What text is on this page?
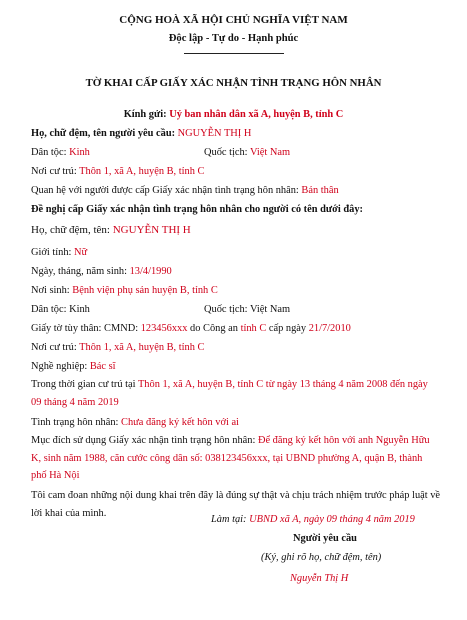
CỘNG HOÀ XÃ HỘI CHỦ NGHĨA VIỆT NAM
Độc lập - Tự do - Hạnh phúc
TỜ KHAI CẤP GIẤY XÁC NHẬN TÌNH TRẠNG HÔN NHÂN
Kính gửi: Uỷ ban nhân dân xã A, huyện B, tỉnh C
Họ, chữ đệm, tên người yêu cầu: NGUYỄN THỊ H
Dân tộc: Kinh	Quốc tịch: Việt Nam
Nơi cư trú: Thôn 1, xã A, huyện B, tỉnh C
Quan hệ với người được cấp Giấy xác nhận tình trạng hôn nhân: Bản thân
Đề nghị cấp Giấy xác nhận tình trạng hôn nhân cho người có tên dưới đây:
Họ, chữ đệm, tên: NGUYỄN THỊ H
Giới tính: Nữ
Ngày, tháng, năm sinh: 13/4/1990
Nơi sinh: Bệnh viện phụ sản huyện B, tỉnh C
Dân tộc: Kinh	Quốc tịch: Việt Nam
Giấy tờ tùy thân: CMND: 123456xxx do Công an tỉnh C cấp ngày 21/7/2010
Nơi cư trú: Thôn 1, xã A, huyện B, tỉnh C
Nghề nghiệp: Bác sĩ
Trong thời gian cư trú tại Thôn 1, xã A, huyện B, tỉnh C từ ngày 13 tháng 4 năm 2008 đến ngày 09 tháng 4 năm 2019
Tình trạng hôn nhân: Chưa đăng ký kết hôn với ai
Mục đích sử dụng Giấy xác nhận tình trạng hôn nhân: Để đăng ký kết hôn với anh Nguyễn Hữu K, sinh năm 1988, căn cước công dân số: 038123456xxx, tại UBND phường A, quận B, thành phố Hà Nội
Tôi cam đoan những nội dung khai trên đây là đúng sự thật và chịu trách nhiệm trước pháp luật về lời khai của mình.
Làm tại: UBND xã A, ngày 09 tháng 4 năm 2019
Người yêu cầu
(Ký, ghi rõ họ, chữ đệm, tên)
Nguyễn Thị H
